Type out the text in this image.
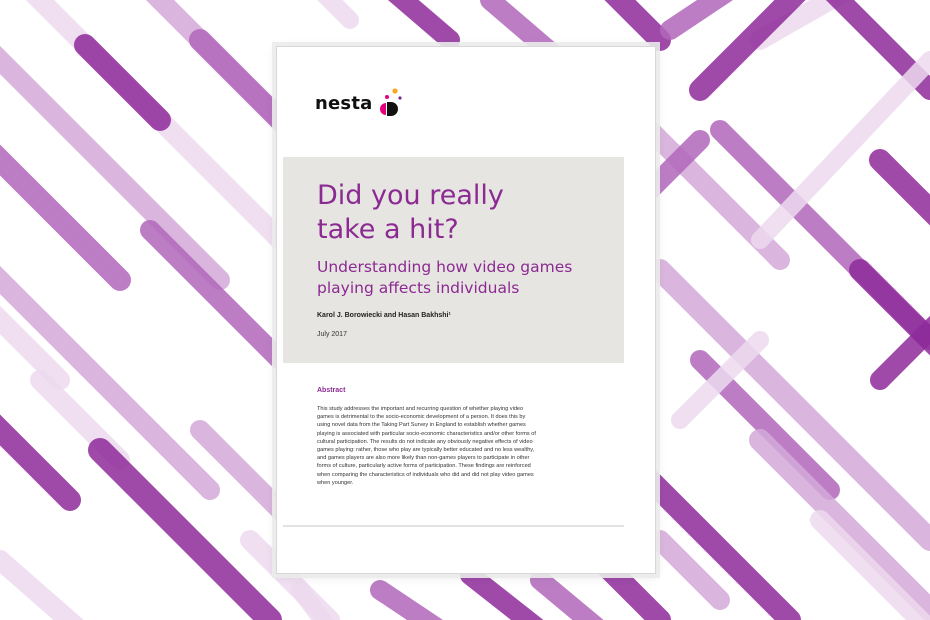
nesta
Did you really
take a hit?
Understanding how video games
playing affects individuals
Karol J. Borowiecki and Hasan Bakhshi¹
July 2017
Abstract

This study addresses the important and recurring question of whether playing video
games is detrimental to the socio-economic development of a person. It does this by
using novel data from the Taking Part Survey in England to establish whether games
playing is associated with particular socio-economic characteristics and/or other forms of
cultural participation. The results do not indicate any obviously negative effects of video
games playing: rather, those who play are typically better educated and no less wealthy,
and games players are also more likely than non-games players to participate in other
forms of culture, particularly active forms of participation. These findings are reinforced
when comparing the characteristics of individuals who did and did not play video games
when younger.
